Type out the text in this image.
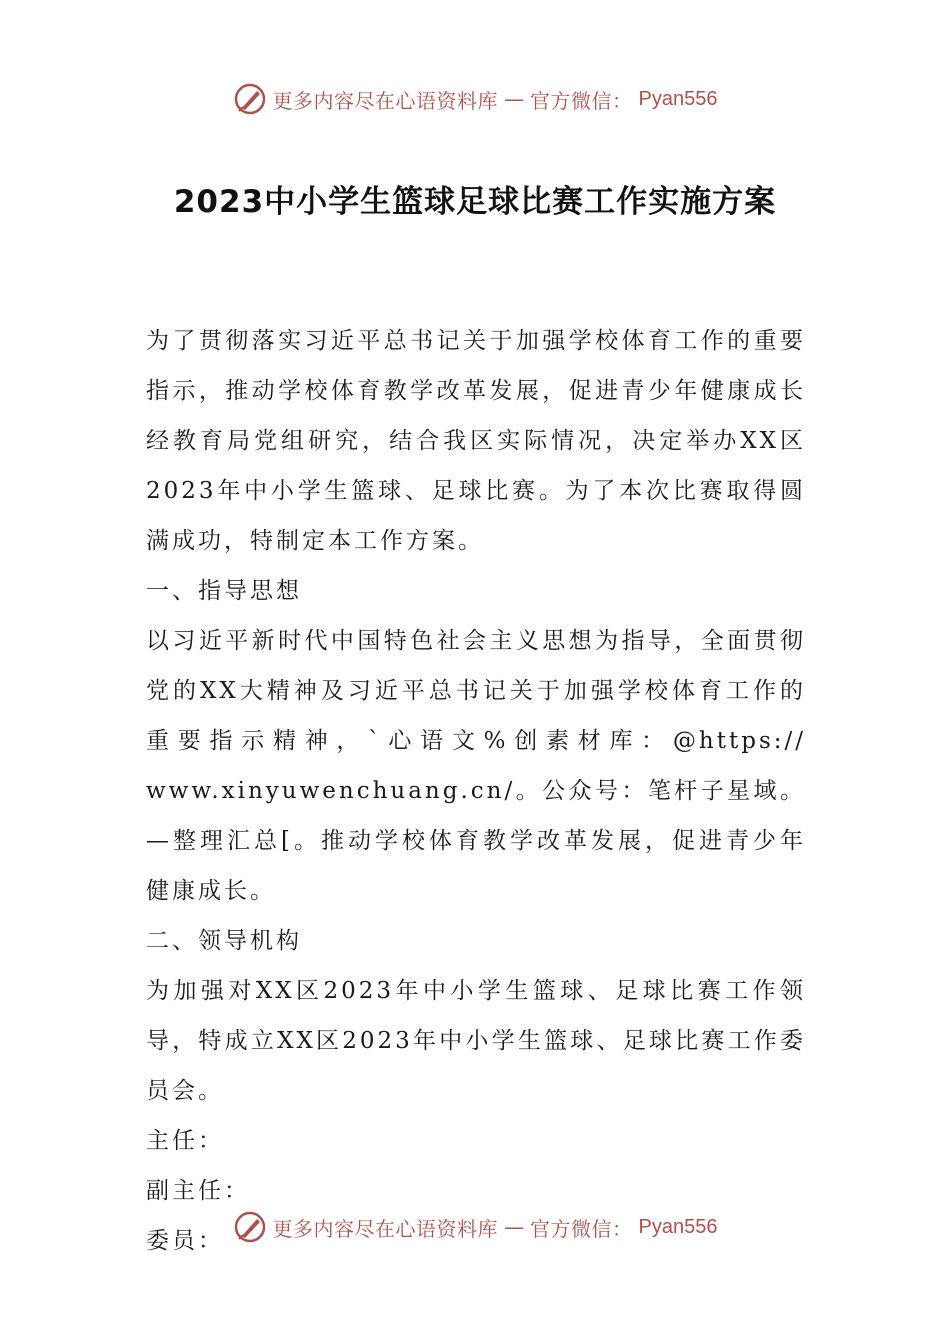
更多内容尽在心语资料库 — 官方微信： Pyan556
2023中小学生篮球足球比赛工作实施方案

为了贯彻落实习近平总书记关于加强学校体育工作的重要指示，推动学校体育教学改革发展，促进青少年健康成长经教育局党组研究，结合我区实际情况，决定举办XX区2023年中小学生篮球、足球比赛。为了本次比赛取得圆满成功，特制定本工作方案。

一、指导思想

以习近平新时代中国特色社会主义思想为指导，全面贯彻党的XX大精神及习近平总书记关于加强学校体育工作的重要指示精神，`心语文%创素材库：@https://

www.xinyuwenchuang.cn/。公众号：笔杆子星域。—整理汇总[。推动学校体育教学改革发展，促进青少年健康成长。

二、领导机构

为加强对XX区2023年中小学生篮球、足球比赛工作领导，特成立XX区2023年中小学生篮球、足球比赛工作委员会。

主任：

副主任：

委员：	更多内容尽在心语资料库 — 官方微信： Pyan556
